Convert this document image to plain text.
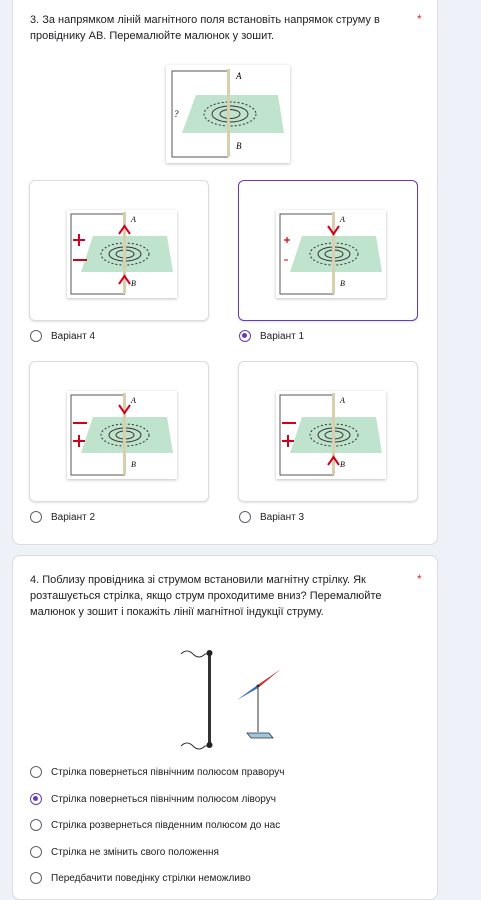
3. За напрямком ліній магнітного поля встановіть напрямок струму в провіднику АВ. Перемалюйте малюнок у зошит.
*
A
B
?
A
B
A
B
Варіант 4	Варіант 1
A
B
A
B
Варіант 2	Варіант 3
4. Поблизу провідника зі струмом встановили магнітну стрілку. Як розташується стрілка, якщо струм проходитиме вниз? Перемалюйте малюнок у зошит і покажіть лінії магнітної індукції струму.
*
Стрілка повернеться північним полюсом праворуч
Стрілка повернеться північним полюсом ліворуч
Стрілка розвернеться південним полюсом до нас
Стрілка не змінить свого положення
Передбачити поведінку стрілки неможливо
